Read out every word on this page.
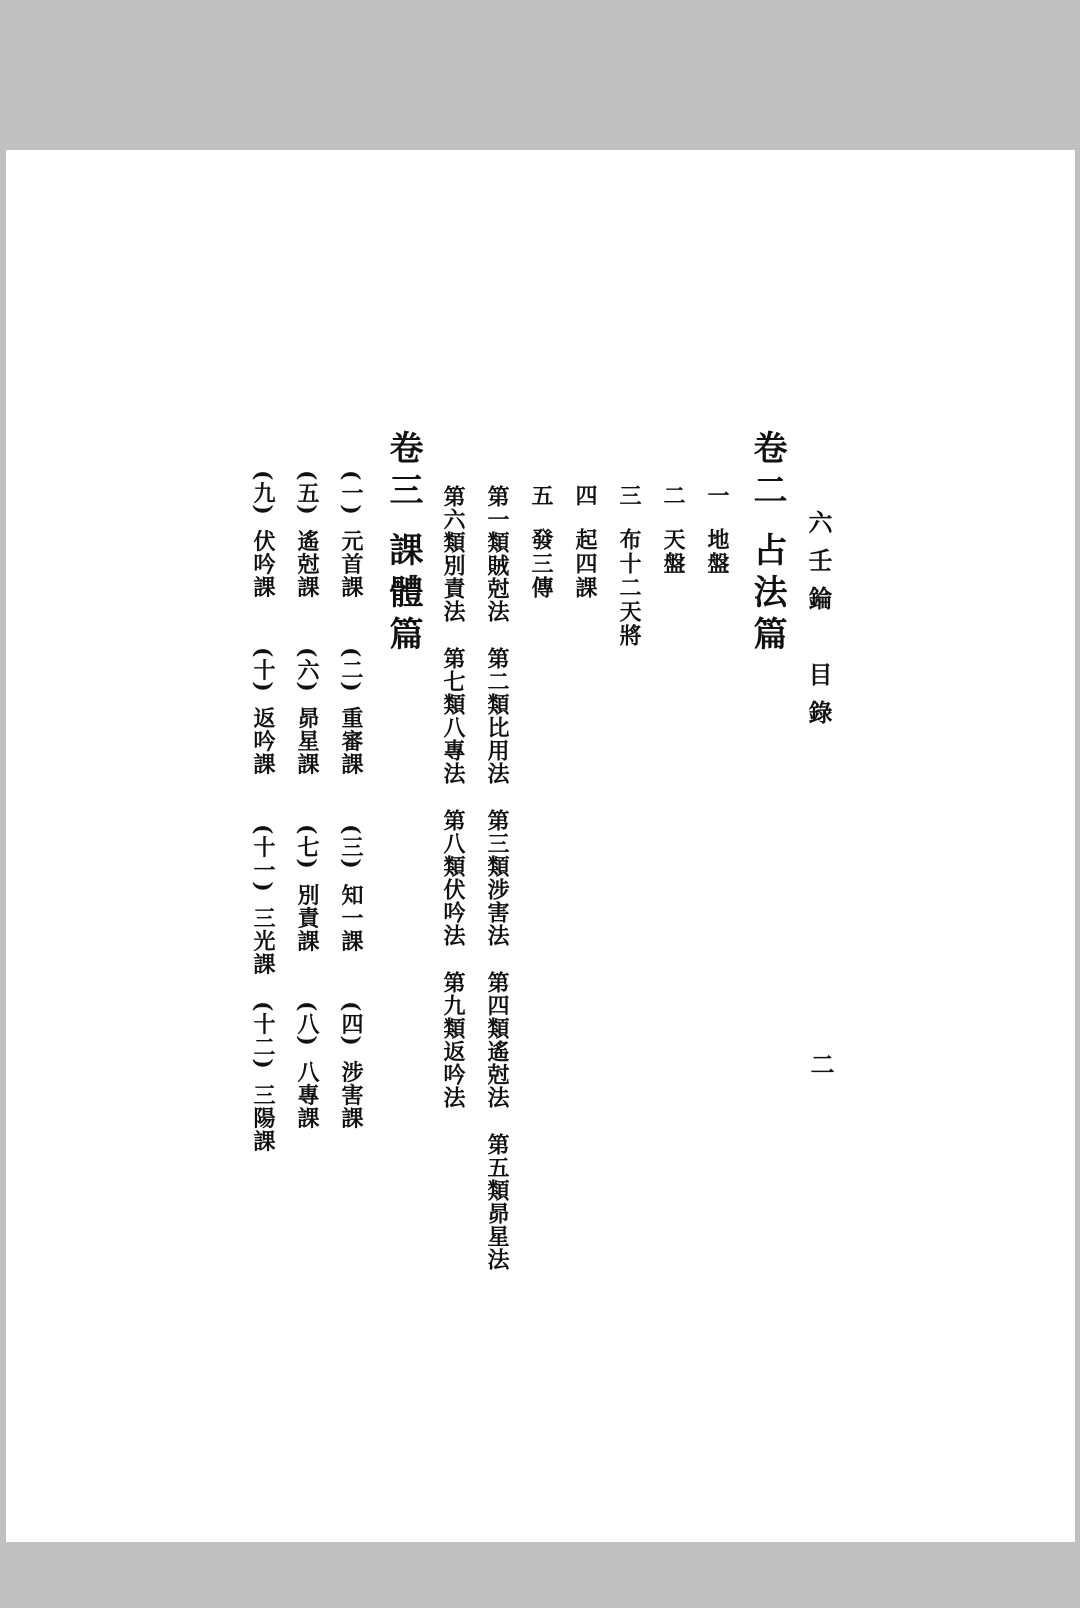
六壬錀　目錄
二
卷二占法篇
一地盤
二天盤
三布十二天將
四起四課
五發三傳
第一類賊尅法第二類比用法第三類涉害法第四類遙尅法第五類昴星法
第六類別責法第七類八專法第八類伏吟法第九類返吟法
卷三課體篇
(一)元首課(二)重審課(三)知一課(四)涉害課
(五)遙尅課(六)昴星課(七)別責課(八)八專課
(九)伏吟課(十)返吟課(十一)三光課(十二)三陽課
